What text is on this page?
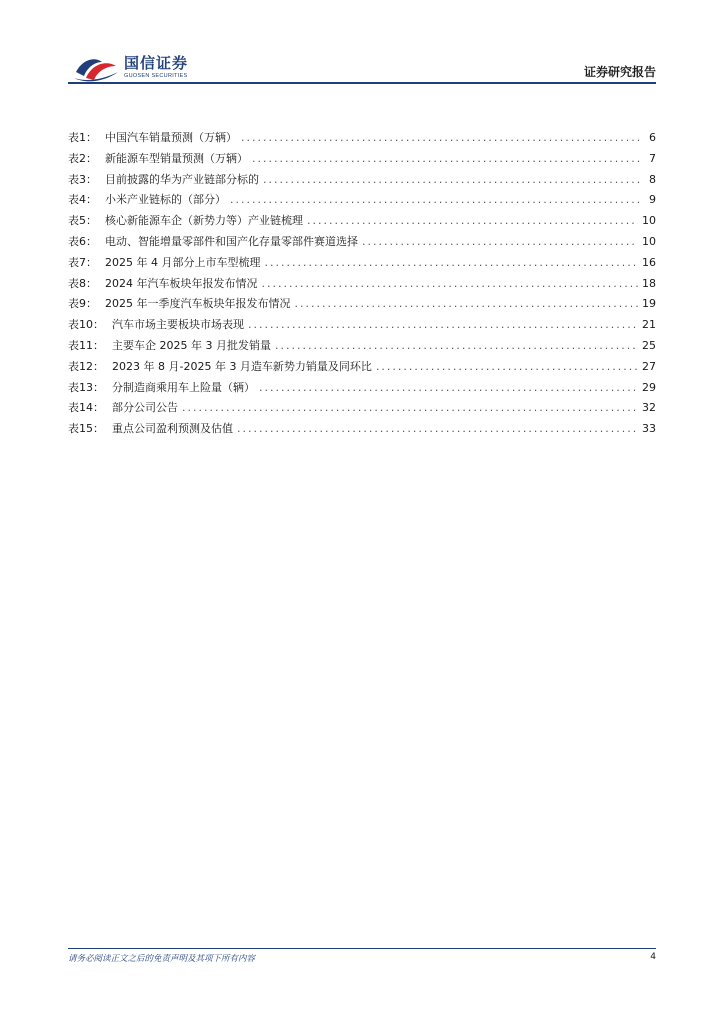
国信证券
GUOSEN SECURITIES	证券研究报告
表1： 中国汽车销量预测（万辆） .....	6
表2： 新能源车型销量预测（万辆） .....	7
表3： 目前披露的华为产业链部分标的 .....	8
表4： 小米产业链标的（部分） .....	9
表5： 核心新能源车企（新势力等）产业链梳理 .....	10
表6： 电动、智能增量零部件和国产化存量零部件赛道选择 .....	10
表7： 2025 年 4 月部分上市车型梳理 .....	16
表8： 2024 年汽车板块年报发布情况 .....	18
表9： 2025 年一季度汽车板块年报发布情况 .....	19
表10： 汽车市场主要板块市场表现 .....	21
表11： 主要车企 2025 年 3 月批发销量 .....	25
表12： 2023 年 8 月-2025 年 3 月造车新势力销量及同环比 .....	27
表13： 分制造商乘用车上险量（辆） .....	29
表14： 部分公司公告 .....	32
表15： 重点公司盈利预测及估值 .....	33
请务必阅读正文之后的免责声明及其项下所有内容	4
